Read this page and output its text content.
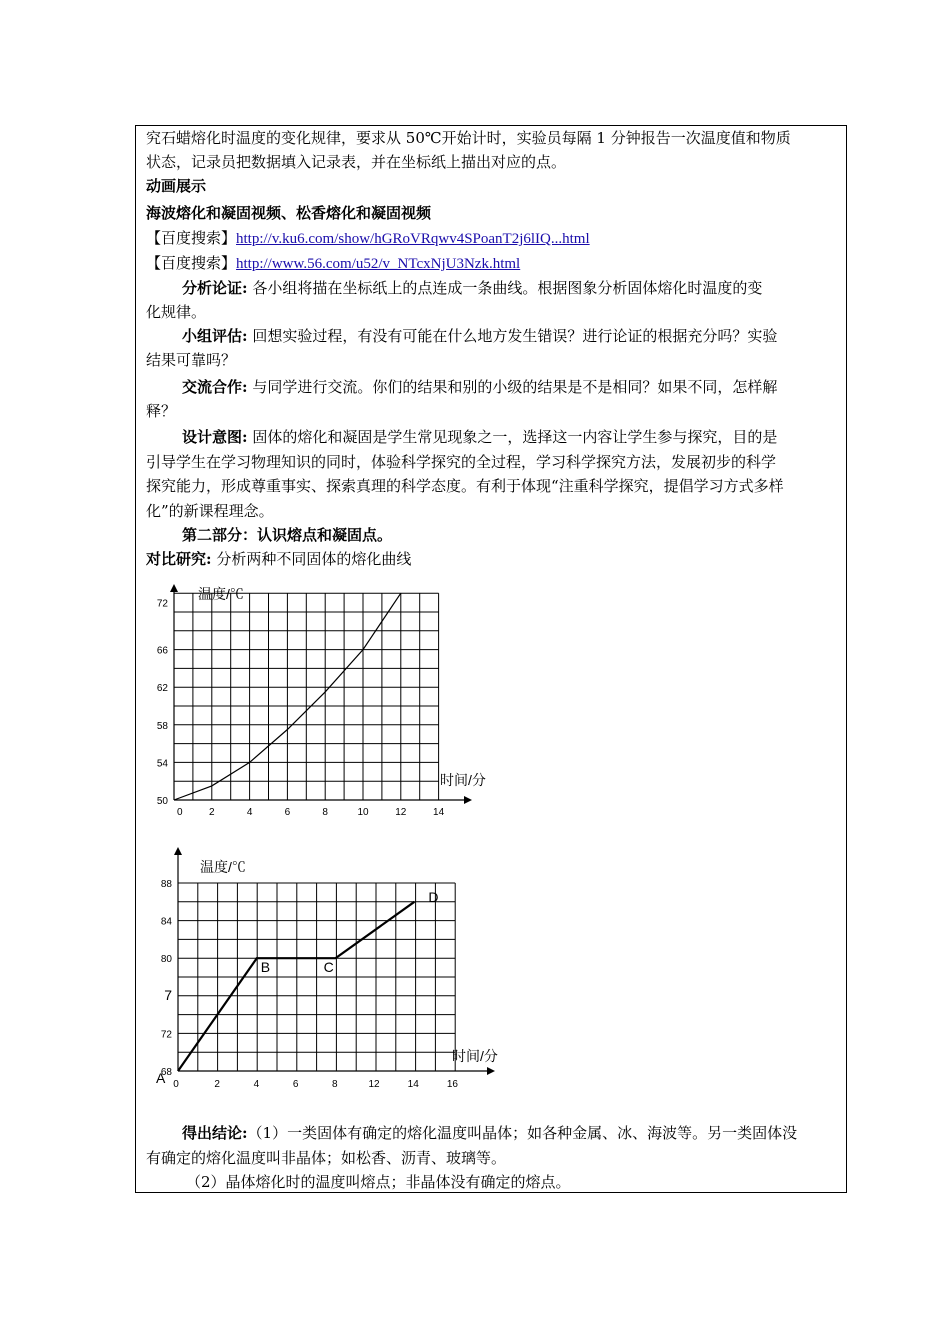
究石蜡熔化时温度的变化规律，要求从 50℃开始计时，实验员每隔 1 分钟报告一次温度值和物质
状态，记录员把数据填入记录表，并在坐标纸上描出对应的点。
动画展示
海波熔化和凝固视频、松香熔化和凝固视频
【百度搜索】http://v.ku6.com/show/hGRoVRqwv4SPoanT2j6lIQ...html
【百度搜索】http://www.56.com/u52/v_NTcxNjU3Nzk.html
分析论证: 各小组将描在坐标纸上的点连成一条曲线。根据图象分析固体熔化时温度的变
化规律。
小组评估: 回想实验过程，有没有可能在什么地方发生错误？进行论证的根据充分吗？实验
结果可靠吗？
交流合作: 与同学进行交流。你们的结果和别的小级的结果是不是相同？如果不同，怎样解
释？
设计意图: 固体的熔化和凝固是学生常见现象之一，选择这一内容让学生参与探究，目的是
引导学生在学习物理知识的同时，体验科学探究的全过程，学习科学探究方法，发展初步的科学
探究能力，形成尊重事实、探索真理的科学态度。有利于体现“注重科学探究，提倡学习方式多样
化”的新课程理念。
第二部分：认识熔点和凝固点。
对比研究: 分析两种不同固体的熔化曲线
温度/℃
时间/分
50
54
58
62
66
72
2	4	6	8	10	12	14
0
温度/℃
时间/分
68
72
7
80
84
88
0	2	4	6	8	12	14	16
A
B	C
D
得出结论:（1）一类固体有确定的熔化温度叫晶体；如各种金属、冰、海波等。另一类固体没
有确定的熔化温度叫非晶体；如松香、沥青、玻璃等。
（2）晶体熔化时的温度叫熔点；非晶体没有确定的熔点。
